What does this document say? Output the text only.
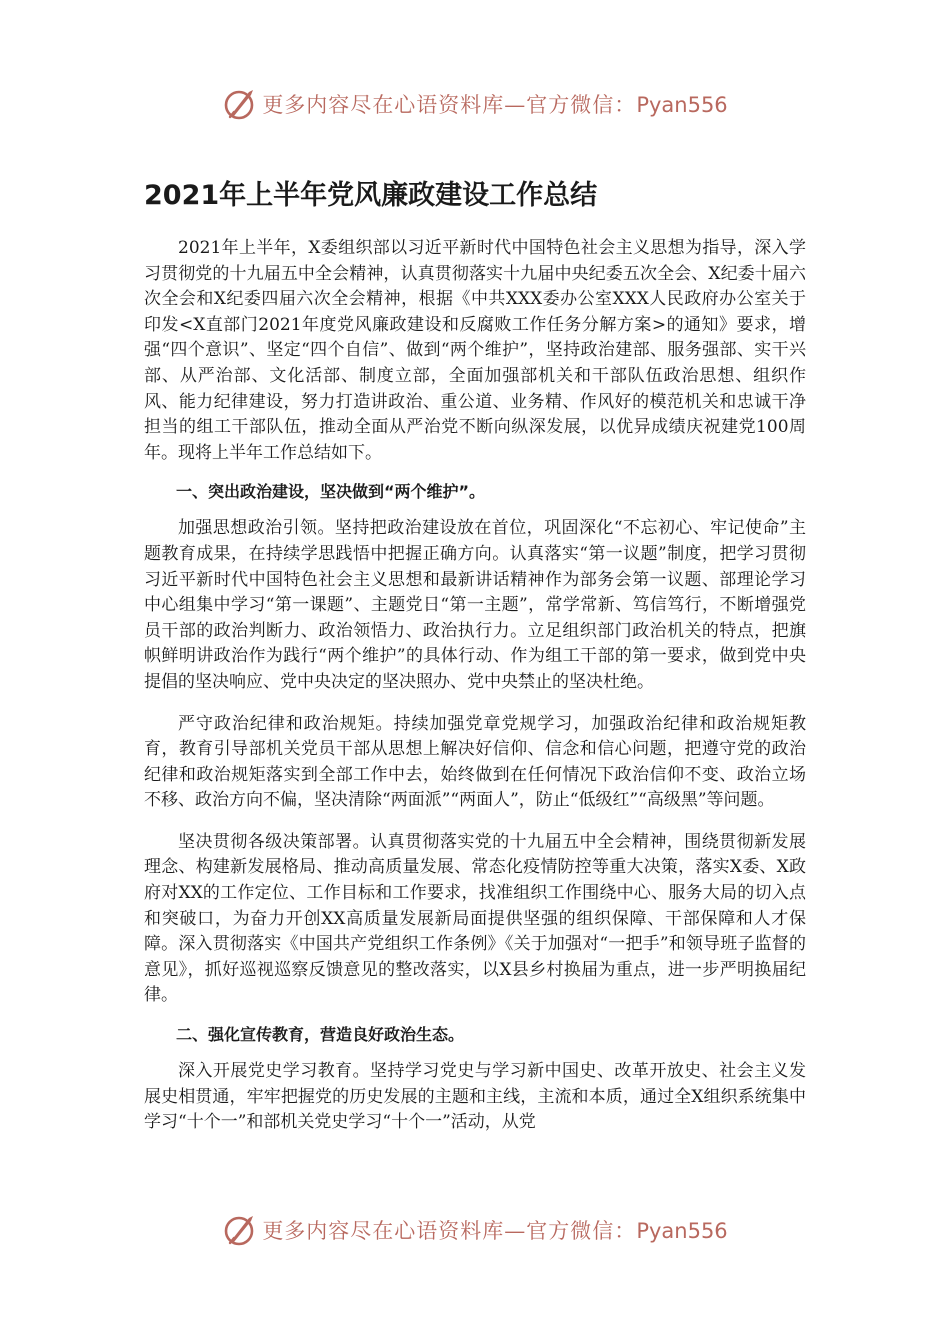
更多内容尽在心语资料库—官方微信：Pyan556
2021年上半年党风廉政建设工作总结

2021年上半年，X委组织部以习近平新时代中国特色社会主义思想为指导，深入学习贯彻党的十九届五中全会精神，认真贯彻落实十九届中央纪委五次全会、X纪委十届六次全会和X纪委四届六次全会精神，根据《中共XXX委办公室XXX人民政府办公室关于印发<X直部门2021年度党风廉政建设和反腐败工作任务分解方案>的通知》要求，增强“四个意识”、坚定“四个自信”、做到“两个维护”，坚持政治建部、服务强部、实干兴部、从严治部、文化活部、制度立部，全面加强部机关和干部队伍政治思想、组织作风、能力纪律建设，努力打造讲政治、重公道、业务精、作风好的模范机关和忠诚干净担当的组工干部队伍，推动全面从严治党不断向纵深发展，以优异成绩庆祝建党100周年。现将上半年工作总结如下。

一、突出政治建设，坚决做到“两个维护”。

加强思想政治引领。坚持把政治建设放在首位，巩固深化“不忘初心、牢记使命”主题教育成果，在持续学思践悟中把握正确方向。认真落实“第一议题”制度，把学习贯彻习近平新时代中国特色社会主义思想和最新讲话精神作为部务会第一议题、部理论学习中心组集中学习“第一课题”、主题党日“第一主题”，常学常新、笃信笃行，不断增强党员干部的政治判断力、政治领悟力、政治执行力。立足组织部门政治机关的特点，把旗帜鲜明讲政治作为践行“两个维护”的具体行动、作为组工干部的第一要求，做到党中央提倡的坚决响应、党中央决定的坚决照办、党中央禁止的坚决杜绝。

严守政治纪律和政治规矩。持续加强党章党规学习，加强政治纪律和政治规矩教育，教育引导部机关党员干部从思想上解决好信仰、信念和信心问题，把遵守党的政治纪律和政治规矩落实到全部工作中去，始终做到在任何情况下政治信仰不变、政治立场不移、政治方向不偏，坚决清除“两面派”“两面人”，防止“低级红”“高级黑”等问题。

坚决贯彻各级决策部署。认真贯彻落实党的十九届五中全会精神，围绕贯彻新发展理念、构建新发展格局、推动高质量发展、常态化疫情防控等重大决策，落实X委、X政府对XX的工作定位、工作目标和工作要求，找准组织工作围绕中心、服务大局的切入点和突破口，为奋力开创XX高质量发展新局面提供坚强的组织保障、干部保障和人才保障。深入贯彻落实《中国共产党组织工作条例》《关于加强对“一把手”和领导班子监督的意见》，抓好巡视巡察反馈意见的整改落实，以X县乡村换届为重点，进一步严明换届纪律。

二、强化宣传教育，营造良好政治生态。

深入开展党史学习教育。坚持学习党史与学习新中国史、改革开放史、社会主义发展史相贯通，牢牢把握党的历史发展的主题和主线，主流和本质，通过全X组织系统集中学习“十个一”和部机关党史学习“十个一”活动，从党

更多内容尽在心语资料库—官方微信：Pyan556
